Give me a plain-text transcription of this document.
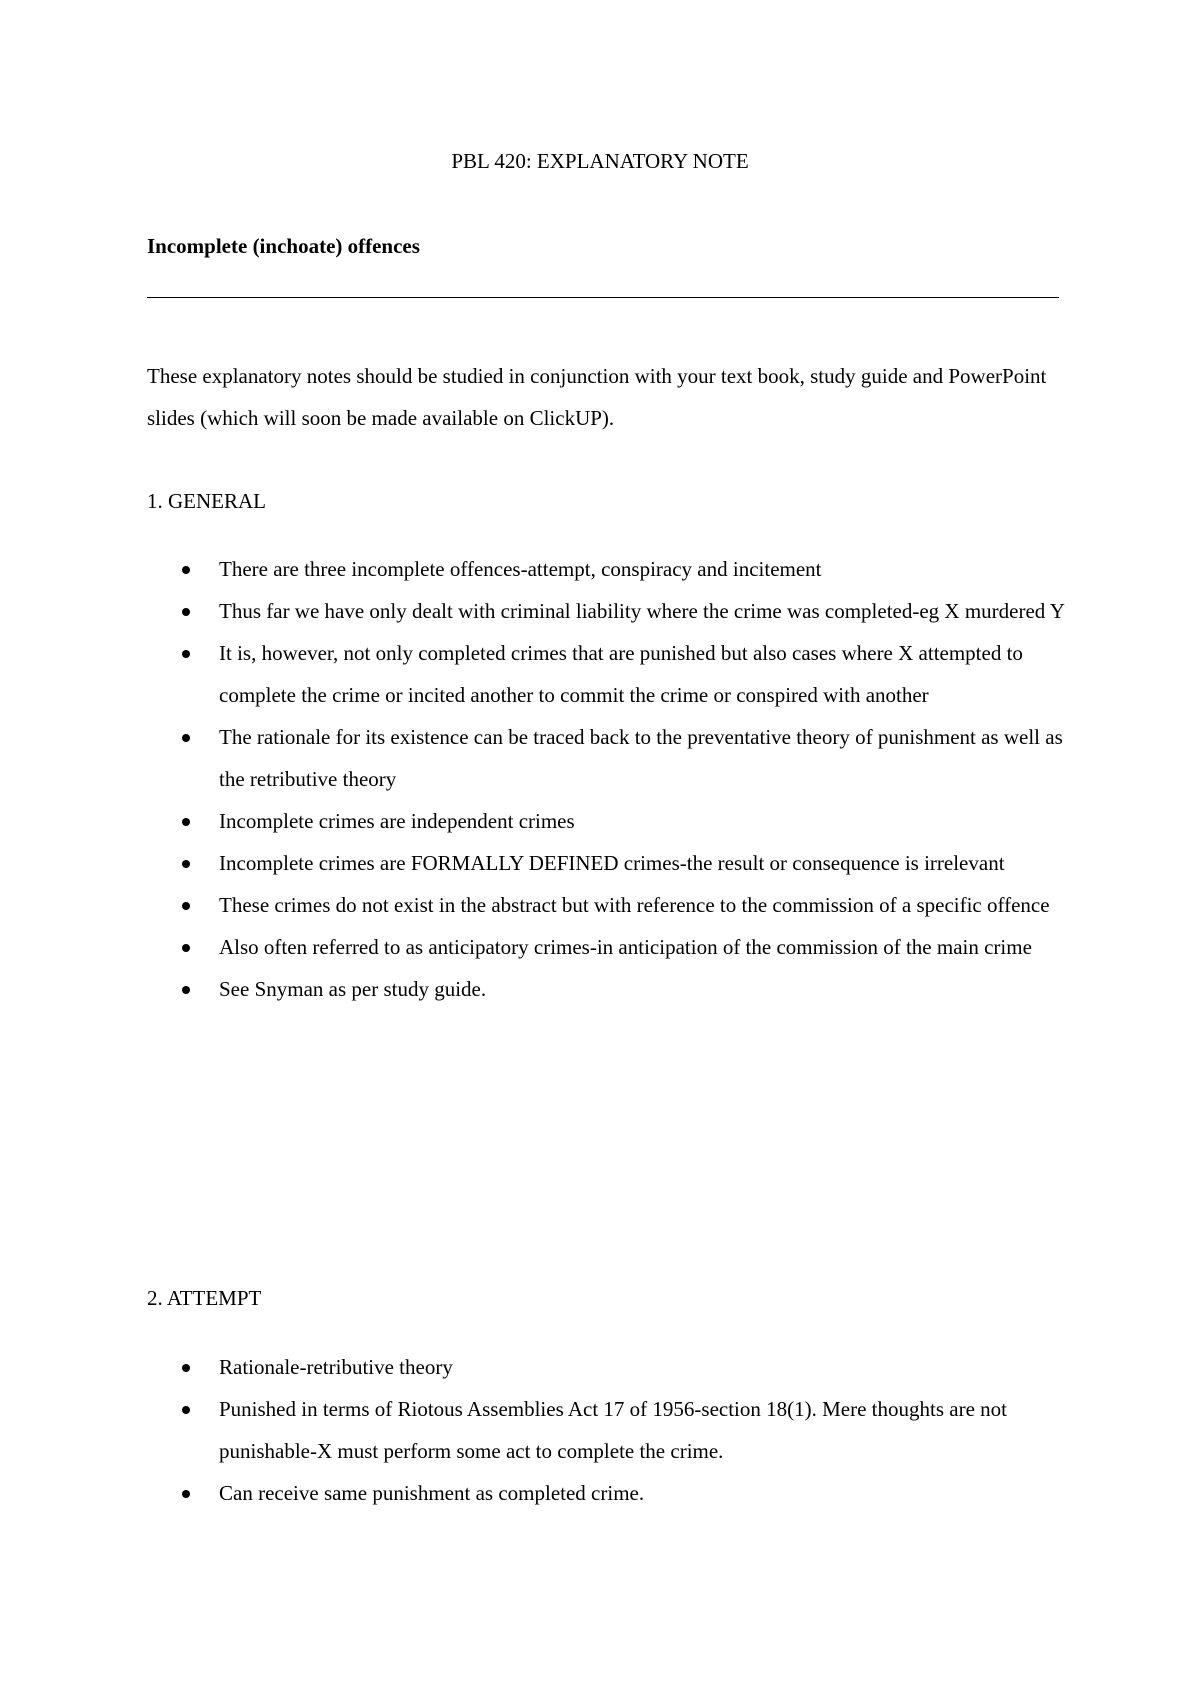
PBL 420: EXPLANATORY NOTE
Incomplete (inchoate) offences
These explanatory notes should be studied in conjunction with your text book, study guide and PowerPoint slides (which will soon be made available on ClickUP).
1. GENERAL
There are three incomplete offences-attempt, conspiracy and incitement
Thus far we have only dealt with criminal liability where the crime was completed-eg X murdered Y
It is, however, not only completed crimes that are punished but also cases where X attempted to complete the crime or incited another to commit the crime or conspired with another
The rationale for its existence can be traced back to the preventative theory of punishment as well as the retributive theory
Incomplete crimes are independent crimes
Incomplete crimes are FORMALLY DEFINED crimes-the result or consequence is irrelevant
These crimes do not exist in the abstract but with reference to the commission of a specific offence
Also often referred to as anticipatory crimes-in anticipation of the commission of the main crime
See Snyman as per study guide.
2. ATTEMPT
Rationale-retributive theory
Punished in terms of Riotous Assemblies Act 17 of 1956-section 18(1). Mere thoughts are not punishable-X must perform some act to complete the crime.
Can receive same punishment as completed crime.
